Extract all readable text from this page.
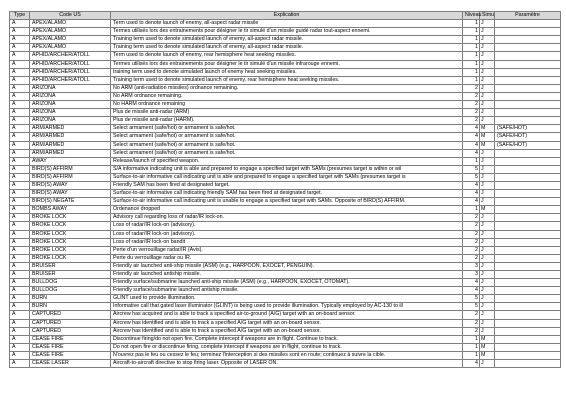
Type	Code US	Explication	Niveau	Simu	Paramètre
A	APEX/ALAMO	Term used to denote launch of enemy, all-aspect radar missile	1	J	
A	APEX/ALAMO	Termes utilisés lors des entrainements pour désigner le tir simulé d'un missile guidé radar tout-aspect ennemi.	1	J	
A	APEX/ALAMO	Training term used to denote simulated launch of enemy, all-aspect radar missile.	1	J	
A	APEX/ALAMO	Training term used to denote simulated launch of enemy, all-aspect radar missile.	1	J	
A	APHID/ARCHER/ATOLL	Term used to denote launch of enemy, rear hemisphere heat seeking missiles.	1	J	
A	APHID/ARCHER/ATOLL	Termes utilisés lors des entrainements pour désigner le tir simulé d'un missile infrarouge ennemi.	1	J	
A	APHID/ARCHER/ATOLL	training term used to denote simulated launch of enemy heat seeking missiles.	1	J	
A	APHID/ARCHER/ATOLL	Training term used to denote simulated launch of enemy, rear hemisphere heat seeking missiles.	1	J	
A	ARIZONA	No ARM (anti-radiation missiles) ordnance remaining.	2	J	
A	ARIZONA	No ARM ordnance remaining.	2	J	
A	ARIZONA	No HARM ordnance remaining	2	J	
A	ARIZONA	Plus de missile anti-radar (ARM)	2	J	
A	ARIZONA	Plus de missile anti-radar (HARM).	2	J	
A	ARM/ARMED	Select armament (safe/hot) or armament is safe/hot.	4	M	(SAFE/HOT)
A	ARM/ARMED	Select armament (safe/hot) or armament is safe/hot.	4	M	(SAFE/HOT)
A	ARM/ARMED	Select armament (safe/hot) or armament is safe/hot.	4	M	(SAFE/HOT)
A	ARM/ARMED	Select armament (safe/hot) or armament is safe/hot.	4	J	
A	AWAY	Release/launch of specified weapon.	1	J	
A	BIRD(S) AFFIRM	S/A informative indicating unit is able and prepared to engage a specified target with SAMs (presumes target is within or wil	5	J	
A	BIRD(S) AFFIRM	Surface-to-air informative call indicating unit is able and prepared to engage a specified target with SAMs (presumes target is	5	J	
A	BIRD(S) AWAY	Friendly SAM has been fired at designated target.	4	J	
A	BIRD(S) AWAY	Surface-to-air informative call indicating friendly SAM has been fired at designated target.	4	J	
A	BIRD(S) NEGATE	Surface-to-air informative call indicating unit is unable to engage a specified target with SAMs. Opposite of BIRD(S) AFFIRM.	4	J	
A	BOMBS AWAY	Ordenance dropped	1	M	
A	BROKE LOCK	Advisory call regarding loss of radar/IR lock-on.	2	J	
A	BROKE LOCK	Loss of radar/IR lock-on (advisory).	2	J	
A	BROKE LOCK	Loss of radar/IR lock-on (advisory).	2	J	
A	BROKE LOCK	Loss of radar/IR lock-on bandit	2	J	
A	BROKE LOCK	Perte d'un verrouillage radar/IR (Avis).	2	J	
A	BROKE LOCK	Perte du verrouillage radar ou IR.	2	J	
A	BRUISER	Friendly air launched anti-ship missile (ASM) (e.g., HARPOON, EXOCET, PENGUIN).	3	J	
A	BRUISER	Friendly air launched antiship missile.	3	J	
A	BULLDOG	Friendly surface/submarine launched anti-ship missile (ASM) (e.g., HARPOON, EXOCET, OTOMAT).	4	J	
A	BULLDOG	Friendly surface/submarine launched antiship missile.	4	J	
A	BURN	GLINT used to provide illumination.	5	J	
A	BURN	Informative call that gated laser illuminator (GLINT) is being used to provide illumination. Typically employed by AC-130 to ill	5	J	
A	CAPTURED	Aircrew has acquired and is able to track a specified air-to-ground (A/G) target with an on-board sensor.	2	J	
A	CAPTURED	Aircrew has identified and is able to track a specified A/G target with an on-board sensor.	2	J	
A	CAPTURED	Aircrew has identified and is able to track a specified A/G target with an on-board sensor.	2	J	
A	CEASE FIRE	Discontinue firing/do not open fire. Complete intercept if weapons are in flight. Continue to track.	1	M	
A	CEASE FIRE	Do not open fire or discontinue firing, complete intercept if weapons are in flight, continue to track.	1	M	
A	CEASE FIRE	N'ouvrez pas le feu ou cessez le feu; terminez l'interception si des missiles sont en route; continuez à suivre la cible.	1	M	
A	CEASE LASER	Aircraft-to-aircraft directive to stop firing laser. Opposite of LASER ON.	4	J	
